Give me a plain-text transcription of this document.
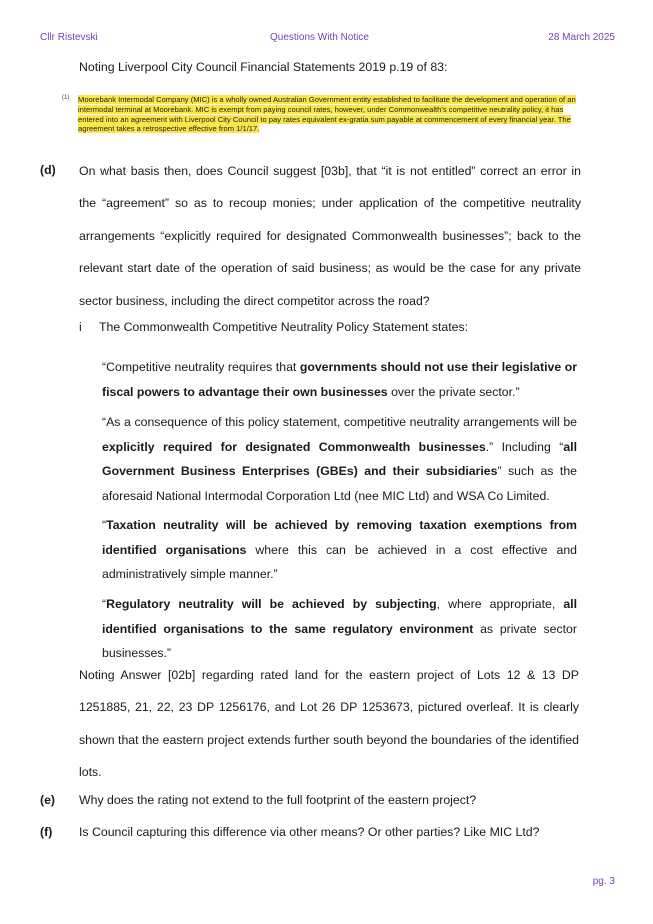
Cllr Ristevski	Questions With Notice	28 March 2025
Noting Liverpool City Council Financial Statements 2019 p.19 of 83:
(1) Moorebank Intermodal Company (MIC) is a wholly owned Australian Government entity established to facilitate the development and operation of an intermodal terminal at Moorebank. MIC is exempt from paying council rates, however, under Commonwealth's competitive neutrality policy, it has entered into an agreement with Liverpool City Council to pay rates equivalent ex-gratia sum payable at commencement of every financial year. The agreement takes a retrospective effective from 1/1/17.
(d) On what basis then, does Council suggest [03b], that “it is not entitled” correct an error in the “agreement” so as to recoup monies; under application of the competitive neutrality arrangements “explicitly required for designated Commonwealth businesses”; back to the relevant start date of the operation of said business; as would be the case for any private sector business, including the direct competitor across the road?
i The Commonwealth Competitive Neutrality Policy Statement states:
“Competitive neutrality requires that governments should not use their legislative or fiscal powers to advantage their own businesses over the private sector.”
“As a consequence of this policy statement, competitive neutrality arrangements will be explicitly required for designated Commonwealth businesses.” Including “all Government Business Enterprises (GBEs) and their subsidiaries” such as the aforesaid National Intermodal Corporation Ltd (nee MIC Ltd) and WSA Co Limited.
“Taxation neutrality will be achieved by removing taxation exemptions from identified organisations where this can be achieved in a cost effective and administratively simple manner.”
“Regulatory neutrality will be achieved by subjecting, where appropriate, all identified organisations to the same regulatory environment as private sector businesses.”
Noting Answer [02b] regarding rated land for the eastern project of Lots 12 & 13 DP 1251885, 21, 22, 23 DP 1256176, and Lot 26 DP 1253673, pictured overleaf. It is clearly shown that the eastern project extends further south beyond the boundaries of the identified lots.
(e) Why does the rating not extend to the full footprint of the eastern project?
(f) Is Council capturing this difference via other means? Or other parties? Like MIC Ltd?
pg. 3
